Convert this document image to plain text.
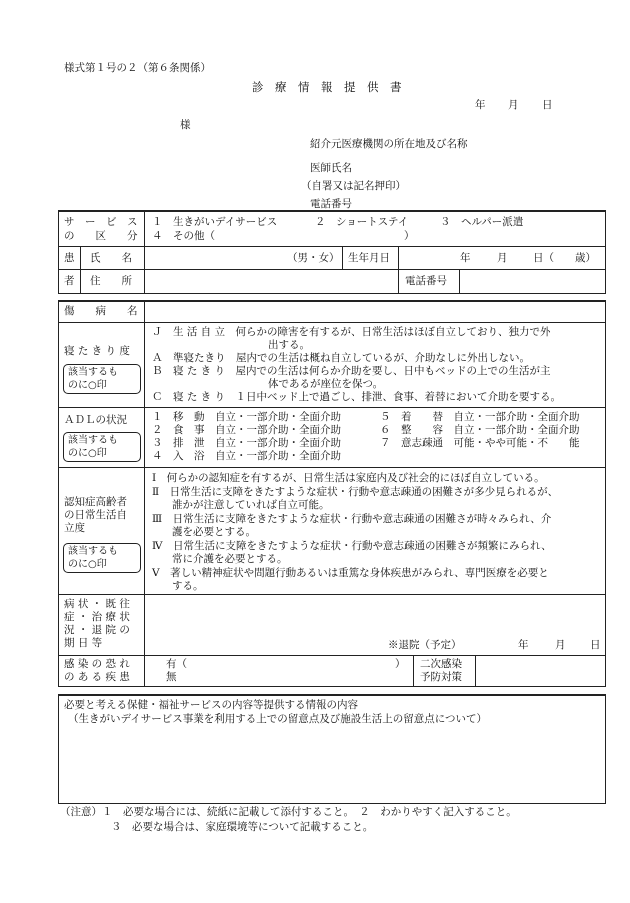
様式第１号の２（第６条関係）
診　療　情　報　提　供　書
年 月 日
様
紹介元医療機関の所在地及び名称
医師氏名
（自署又は記名押印）
電話番号
サ　ー　ビ　ス
の　　区　　分
１　生きがいデイサービス	２　ショートステイ	３　ヘルパー派遣
４　その他（　　　　　　　　　　　　　　　　　　）
患
者
氏　　名	（男・女） 生年月日	年	月 日（　　歳）
住　　所	電話番号
傷　　病　　名
寝 た き り 度
該当するも
のに○印
Ｊ　生 活 自 立　何らかの障害を有するが、日常生活はほぼ自立しており、独力で外
出する。
Ａ　準寝たきり　屋内での生活は概ね自立しているが、介助なしに外出しない。
Ｂ　寝 た き り　屋内での生活は何らか介助を要し、日中もベッドの上での生活が主
体であるが座位を保つ。
Ｃ　寝 た き り　１日中ベッド上で過ごし、排泄、食事、着替において介助を要する。
ＡＤＬの状況
該当するも
のに○印
１　移　動　自立・一部介助・全面介助	５　着　　替　自立・一部介助・全面介助
２　食　事　自立・一部介助・全面介助	６　整　　容　自立・一部介助・全面介助
３　排　泄　自立・一部介助・全面介助	７　意志疎通　可能・やや可能・不　　能
４　入　浴　自立・一部介助・全面介助
認知症高齢者
の日常生活自
立度
該当するも
のに○印
Ⅰ　何らかの認知症を有するが、日常生活は家庭内及び社会的にほぼ自立している。
Ⅱ　日常生活に支障をきたすような症状・行動や意志疎通の困難さが多少見られるが、
誰かが注意していれば自立可能。
Ⅲ　日常生活に支障をきたすような症状・行動や意志疎通の困難さが時々みられ、介
護を必要とする。
Ⅳ　日常生活に支障をきたすような症状・行動や意志疎通の困難さが頻繁にみられ、
常に介護を必要とする。
Ⅴ　著しい精神症状や問題行動あるいは重篤な身体疾患がみられ、専門医療を必要と
する。
病 状 ・ 既 往
症 ・ 治 療 状
況 ・ 退 院 の
期 日 等	※退院（予定）	年	月 日
感 染 の 恐 れ
の あ る 疾 患
有（	）
無
二次感染
予防対策
必要と考える保健・福祉サービスの内容等提供する情報の内容
（生きがいデイサービス事業を利用する上での留意点及び施設生活上の留意点について）
（注意）１　必要な場合には、続紙に記載して添付すること。　２　わかりやすく記入すること。
３　必要な場合は、家庭環境等について記載すること。
